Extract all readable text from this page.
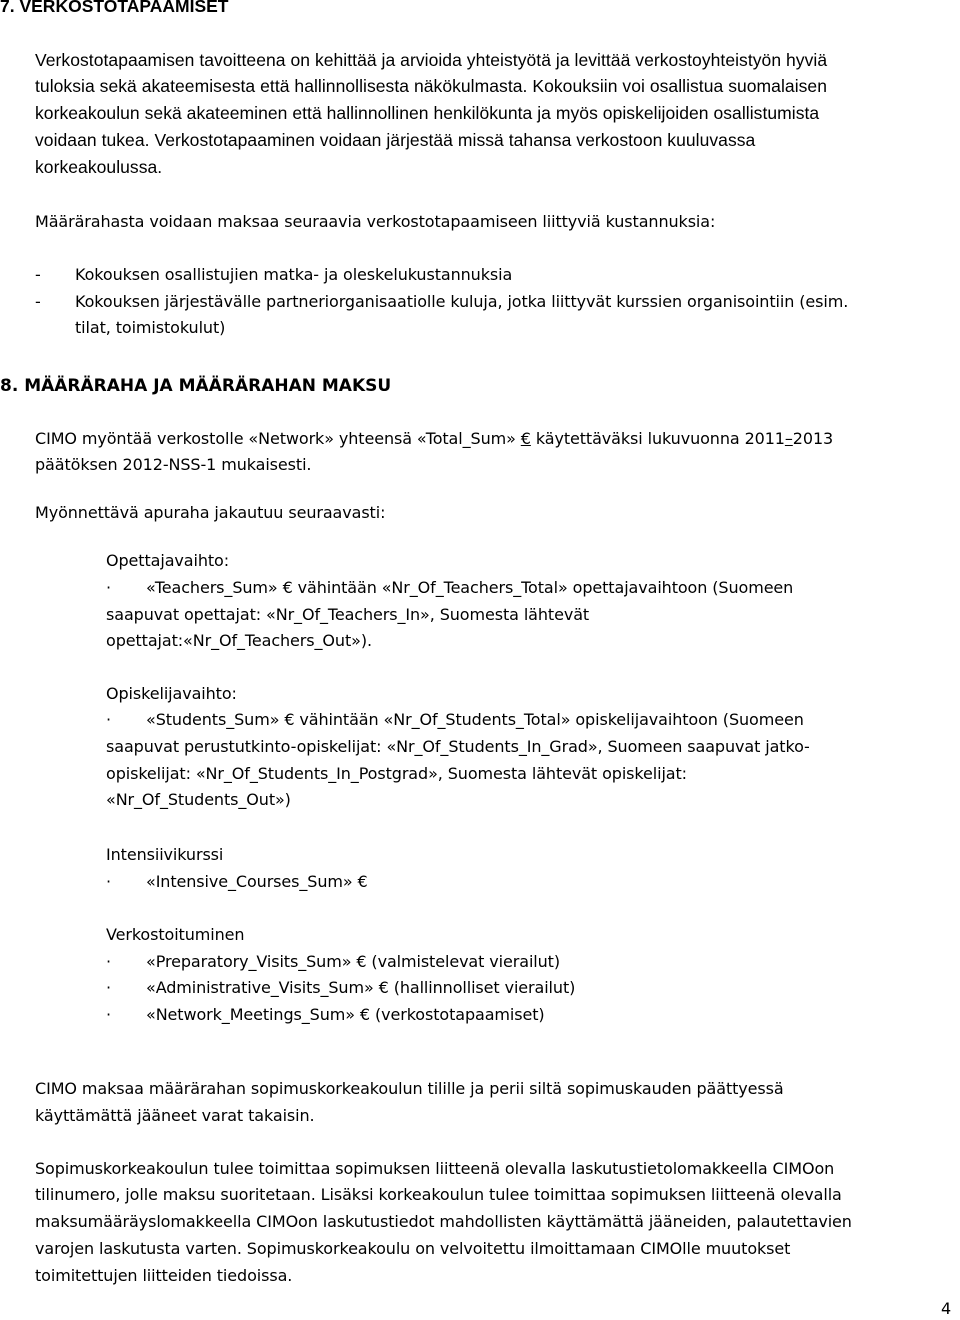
7. VERKOSTOTAPAAMISET

Verkostotapaamisen tavoitteena on kehittää ja arvioida yhteistyötä ja levittää verkostoyhteistyön hyviä

tuloksia sekä akateemisesta että hallinnollisesta näkökulmasta. Kokouksiin voi osallistua suomalaisen

korkeakoulun sekä akateeminen että hallinnollinen henkilökunta ja myös opiskelijoiden osallistumista

voidaan tukea. Verkostotapaaminen voidaan järjestää missä tahansa verkostoon kuuluvassa

korkeakoulussa.

Määrärahasta voidaan maksaa seuraavia verkostotapaamiseen liittyviä kustannuksia:

- Kokouksen osallistujien matka- ja oleskelukustannuksia

- Kokouksen järjestävälle partneriorganisaatiolle kuluja, jotka liittyvät kurssien organisointiin (esim.

tilat, toimistokulut)

8. MÄÄRÄRAHA JA MÄÄRÄRAHAN MAKSU

CIMO myöntää verkostolle «Network» yhteensä «Total_Sum» € käytettäväksi lukuvuonna 2011–2013

päätöksen 2012-NSS-1 mukaisesti.

Myönnettävä apuraha jakautuu seuraavasti:

Opettajavaihto:

· «Teachers_Sum» € vähintään «Nr_Of_Teachers_Total» opettajavaihtoon (Suomeen

saapuvat opettajat: «Nr_Of_Teachers_In», Suomesta lähtevät

opettajat:«Nr_Of_Teachers_Out»).

Opiskelijavaihto:

· «Students_Sum» € vähintään «Nr_Of_Students_Total» opiskelijavaihtoon (Suomeen

saapuvat perustutkinto-opiskelijat: «Nr_Of_Students_In_Grad», Suomeen saapuvat jatko-

opiskelijat: «Nr_Of_Students_In_Postgrad», Suomesta lähtevät opiskelijat:

«Nr_Of_Students_Out»)

Intensiivikurssi

· «Intensive_Courses_Sum» €

Verkostoituminen

· «Preparatory_Visits_Sum» € (valmistelevat vierailut)

· «Administrative_Visits_Sum» € (hallinnolliset vierailut)

· «Network_Meetings_Sum» € (verkostotapaamiset)

CIMO maksaa määrärahan sopimuskorkeakoulun tilille ja perii siltä sopimuskauden päättyessä

käyttämättä jääneet varat takaisin.

Sopimuskorkeakoulun tulee toimittaa sopimuksen liitteenä olevalla laskutustietolomakkeella CIMOon

tilinumero, jolle maksu suoritetaan. Lisäksi korkeakoulun tulee toimittaa sopimuksen liitteenä olevalla

maksumääräyslomakkeella CIMOon laskutustiedot mahdollisten käyttämättä jääneiden, palautettavien

varojen laskutusta varten. Sopimuskorkeakoulu on velvoitettu ilmoittamaan CIMOlle muutokset

toimitettujen liitteiden tiedoissa.

4
